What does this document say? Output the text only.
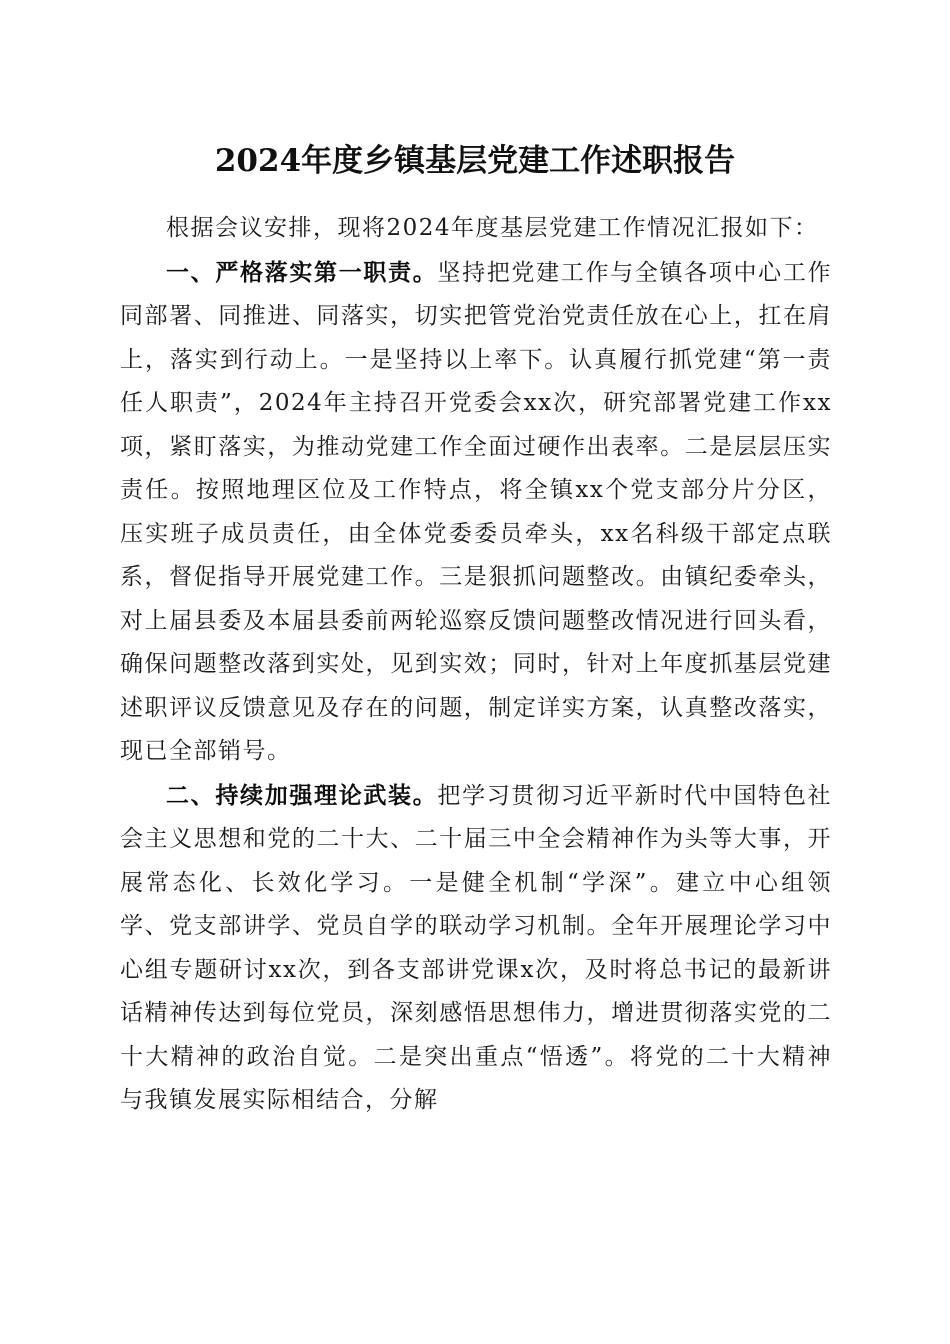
2024年度乡镇基层党建工作述职报告

根据会议安排，现将2024年度基层党建工作情况汇报如下：

一、严格落实第一职责。坚持把党建工作与全镇各项中心工作同部署、同推进、同落实，切实把管党治党责任放在心上，扛在肩上，落实到行动上。一是坚持以上率下。认真履行抓党建“第一责任人职责”，2024年主持召开党委会xx次，研究部署党建工作xx项，紧盯落实，为推动党建工作全面过硬作出表率。二是层层压实责任。按照地理区位及工作特点，将全镇xx个党支部分片分区，压实班子成员责任，由全体党委委员牵头，xx名科级干部定点联系，督促指导开展党建工作。三是狠抓问题整改。由镇纪委牵头，对上届县委及本届县委前两轮巡察反馈问题整改情况进行回头看，确保问题整改落到实处，见到实效；同时，针对上年度抓基层党建述职评议反馈意见及存在的问题，制定详实方案，认真整改落实，现已全部销号。

二、持续加强理论武装。把学习贯彻习近平新时代中国特色社会主义思想和党的二十大、二十届三中全会精神作为头等大事，开展常态化、长效化学习。一是健全机制“学深”。建立中心组领学、党支部讲学、党员自学的联动学习机制。全年开展理论学习中心组专题研讨xx次，到各支部讲党课x次，及时将总书记的最新讲话精神传达到每位党员，深刻感悟思想伟力，增进贯彻落实党的二十大精神的政治自觉。二是突出重点“悟透”。将党的二十大精神与我镇发展实际相结合，分解
